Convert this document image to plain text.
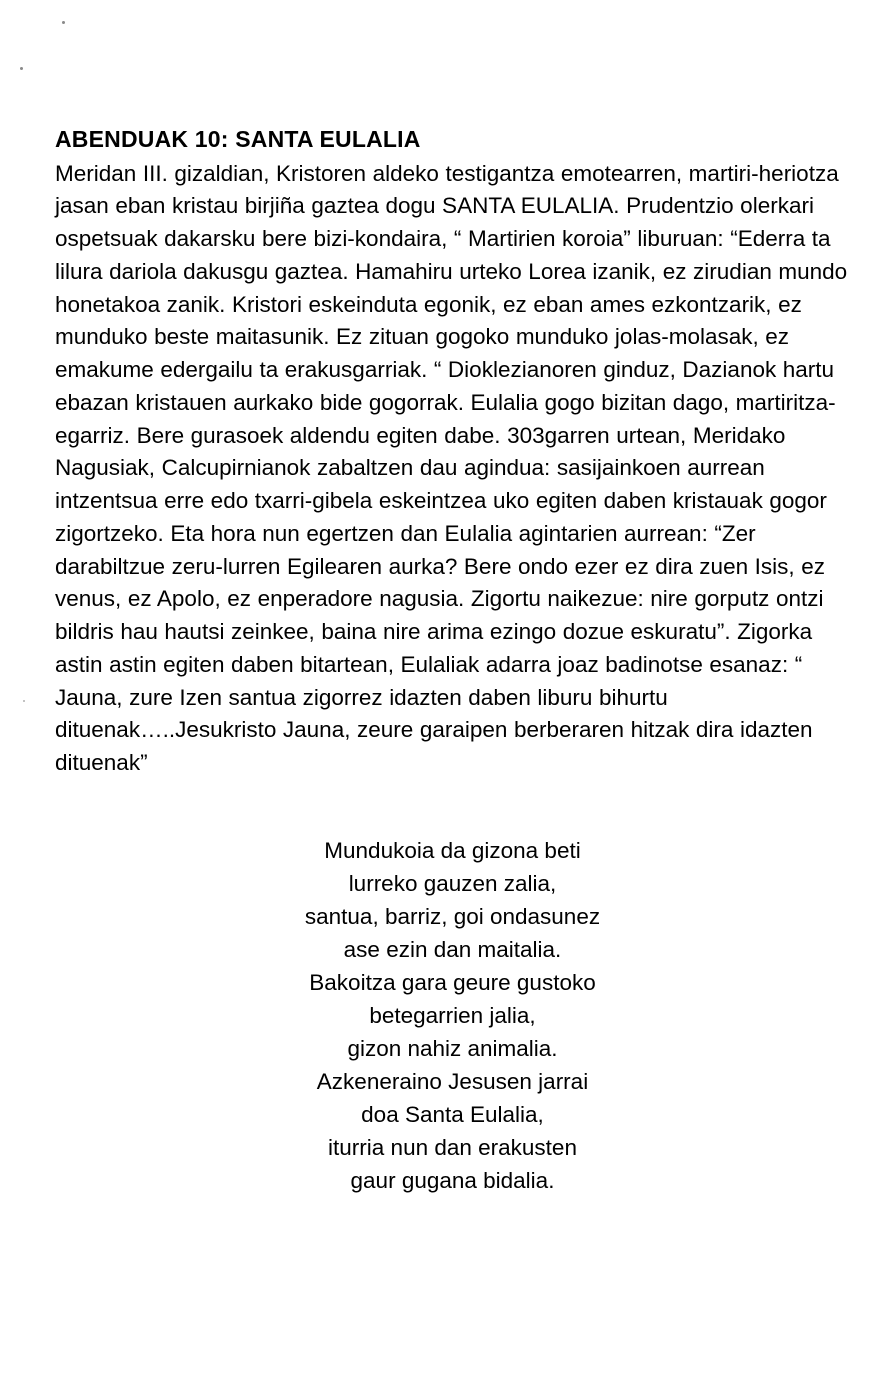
ABENDUAK 10: SANTA EULALIA

Meridan III. gizaldian, Kristoren aldeko testigantza emotearren, martiri-heriotza jasan eban kristau birjiña gaztea dogu SANTA EULALIA. Prudentzio olerkari ospetsuak dakarsku bere bizi-kondaira, “ Martirien koroia” liburuan: “Ederra ta lilura dariola dakusgu gaztea. Hamahiru urteko Lorea izanik, ez zirudian mundo honetakoa zanik. Kristori eskeinduta egonik, ez eban ames ezkontzarik, ez munduko beste maitasunik. Ez zituan gogoko munduko jolas-molasak, ez emakume edergailu ta erakusgarriak. “ Dioklezianoren ginduz, Dazianok hartu ebazan kristauen aurkako bide gogorrak. Eulalia gogo bizitan dago, martiritza-egarriz. Bere gurasoek aldendu egiten dabe. 303garren urtean, Meridako Nagusiak, Calcupirnianok zabaltzen dau agindua: sasijainkoen aurrean intzentsua erre edo txarri-gibela eskeintzea uko egiten daben kristauak gogor zigortzeko. Eta hora nun egertzen dan Eulalia agintarien aurrean: “Zer darabiltzue zeru-lurren Egilearen aurka? Bere ondo ezer ez dira zuen Isis, ez venus, ez Apolo, ez enperadore nagusia. Zigortu naikezue: nire gorputz ontzi bildris hau hautsi zeinkee, baina nire arima ezingo dozue eskuratu”. Zigorka astin astin egiten daben bitartean, Eulaliak adarra joaz badinotse esanaz: “ Jauna, zure Izen santua zigorrez idazten daben liburu bihurtu dituenak…..Jesukristo Jauna, zeure garaipen berberaren hitzak dira idazten dituenak”

Mundukoia da gizona beti
lurreko gauzen zalia,
santua, barriz, goi ondasunez
ase ezin dan maitalia.
Bakoitza gara geure gustoko
betegarrien jalia,
gizon nahiz animalia.
Azkeneraino Jesusen jarrai
doa Santa Eulalia,
iturria nun dan erakusten
gaur gugana bidalia.
